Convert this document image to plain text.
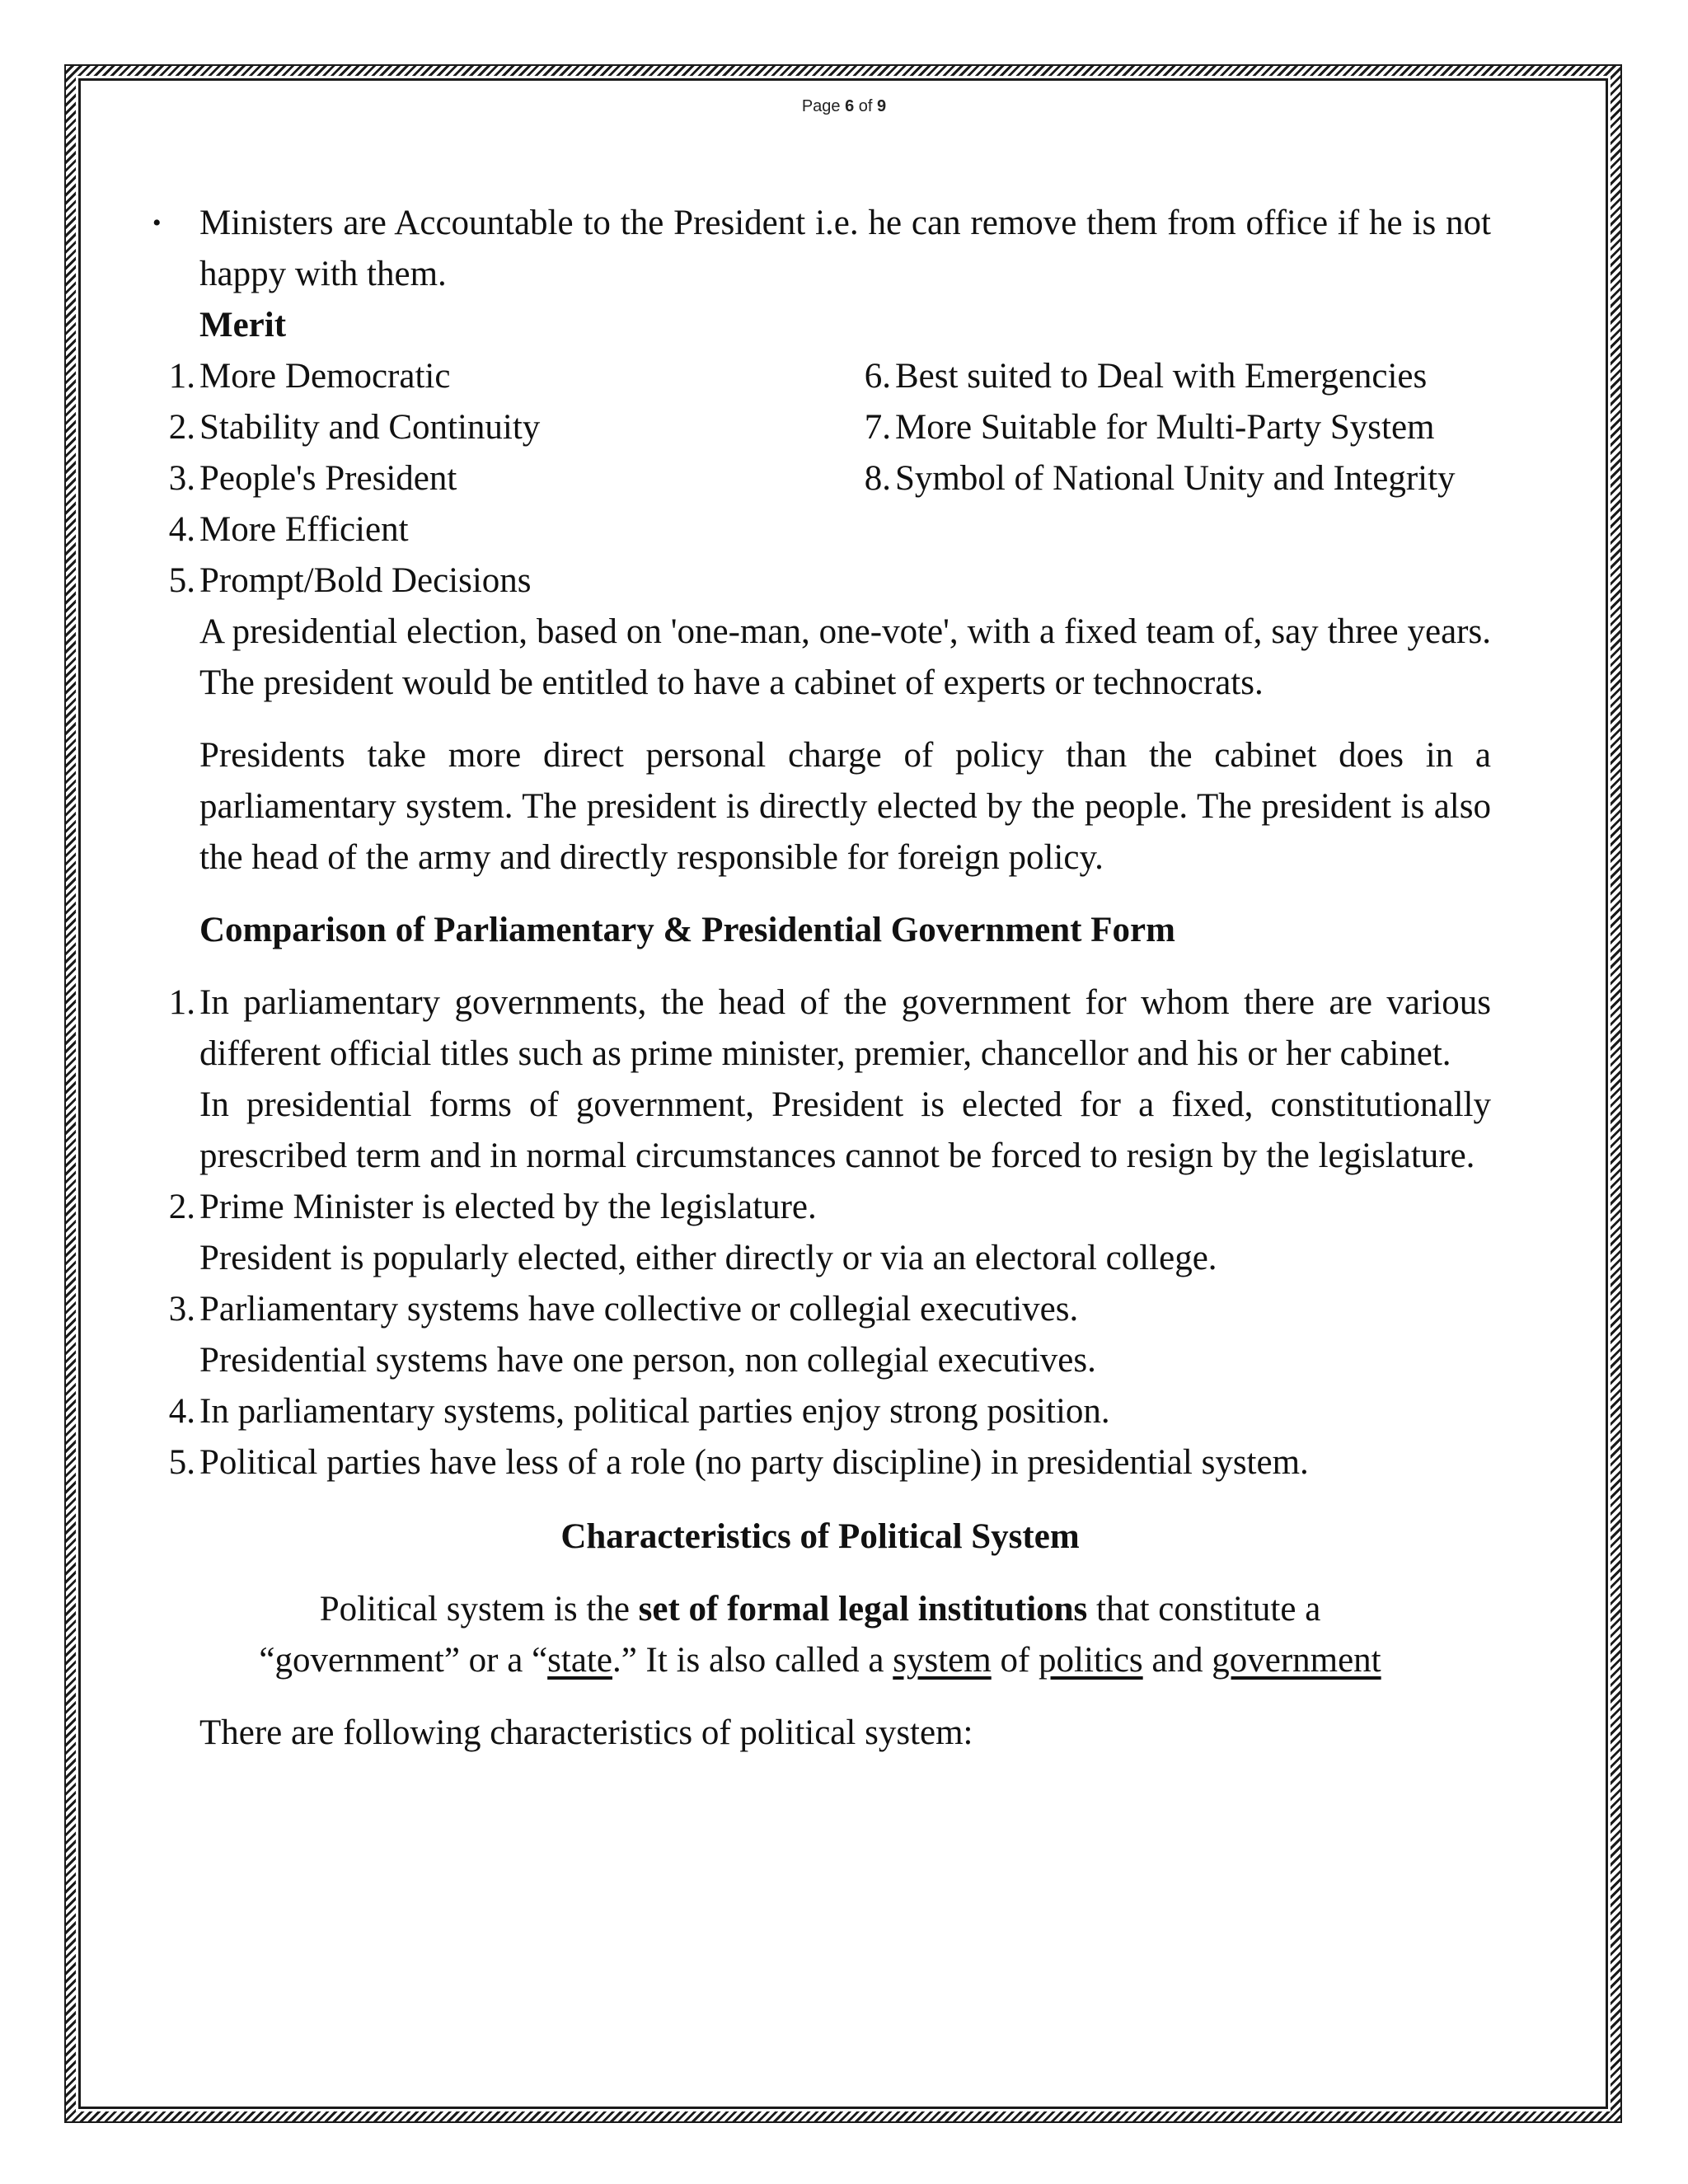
Page 6 of 9
• Ministers are Accountable to the President i.e. he can remove them from office if he is not happy with them.
Merit
1. More Democratic
2. Stability and Continuity
3. People's President
4. More Efficient
5. Prompt/Bold Decisions
6. Best suited to Deal with Emergencies
7. More Suitable for Multi-Party System
8. Symbol of National Unity and Integrity
A presidential election, based on 'one-man, one-vote', with a fixed team of, say three years. The president would be entitled to have a cabinet of experts or technocrats.
Presidents take more direct personal charge of policy than the cabinet does in a parliamentary system. The president is directly elected by the people. The president is also the head of the army and directly responsible for foreign policy.
Comparison of Parliamentary & Presidential Government Form
1. In parliamentary governments, the head of the government for whom there are various different official titles such as prime minister, premier, chancellor and his or her cabinet.
In presidential forms of government, President is elected for a fixed, constitutionally prescribed term and in normal circumstances cannot be forced to resign by the legislature.
2. Prime Minister is elected by the legislature.
President is popularly elected, either directly or via an electoral college.
3. Parliamentary systems have collective or collegial executives.
Presidential systems have one person, non collegial executives.
4. In parliamentary systems, political parties enjoy strong position.
5. Political parties have less of a role (no party discipline) in presidential system.
Characteristics of Political System
Political system is the set of formal legal institutions that constitute a
“government” or a “state.” It is also called a system of politics and government
There are following characteristics of political system:
